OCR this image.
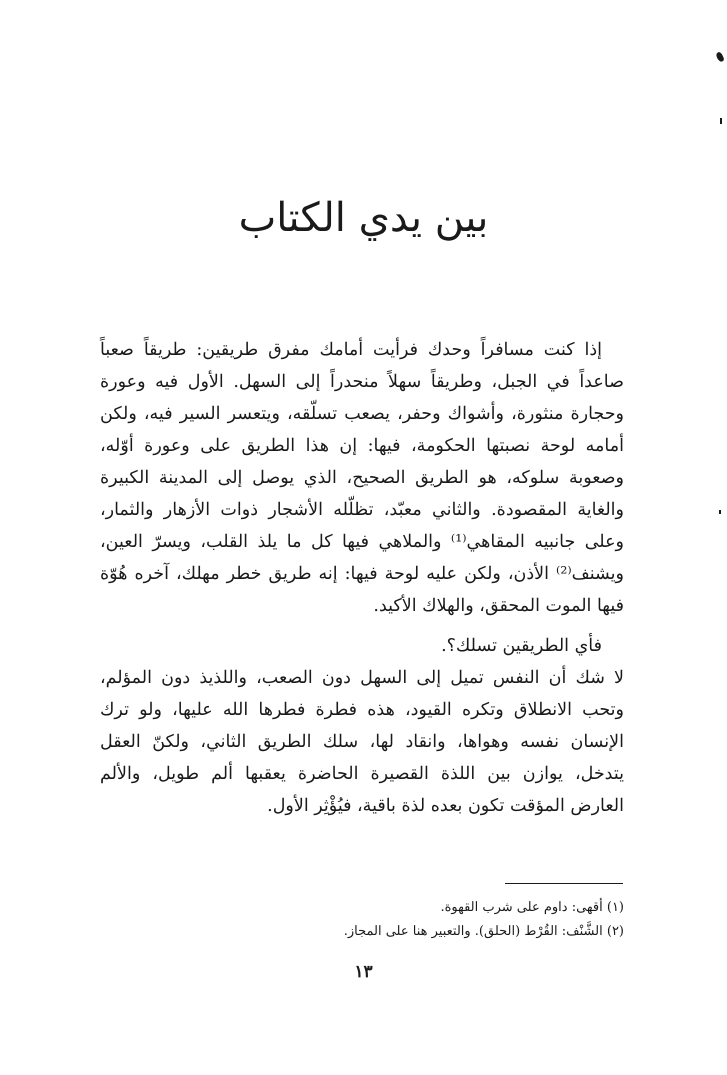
بين يدي الكتاب

إذا كنت مسافراً وحدك فرأيت أمامك مفرق طريقين: طريقاً صعباً صاعداً في الجبل، وطريقاً سهلاً منحدراً إلى السهل. الأول فيه وعورة وحجارة منثورة، وأشواك وحفر، يصعب تسلّقه، ويتعسر السير فيه، ولكن أمامه لوحة نصبتها الحكومة، فيها: إن هذا الطريق على وعورة أوّله، وصعوبة سلوكه، هو الطريق الصحيح، الذي يوصل إلى المدينة الكبيرة والغاية المقصودة. والثاني معبّد، تظلّله الأشجار ذوات الأزهار والثمار، وعلى جانبيه المقاهي⁽¹⁾ والملاهي فيها كل ما يلذ القلب، ويسرّ العين، ويشنف⁽²⁾ الأذن، ولكن عليه لوحة فيها: إنه طريق خطر مهلك، آخره هُوّة فيها الموت المحقق، والهلاك الأكيد.

فأي الطريقين تسلك؟.

لا شك أن النفس تميل إلى السهل دون الصعب، واللذيذ دون المؤلم، وتحب الانطلاق وتكره القيود، هذه فطرة فطرها الله عليها، ولو ترك الإنسان نفسه وهواها، وانقاد لها، سلك الطريق الثاني، ولكنّ العقل يتدخل، يوازن بين اللذة القصيرة الحاضرة يعقبها ألم طويل، والألم العارض المؤقت تكون بعده لذة باقية، فيُؤْثِر الأول.

(١) أقهى: داوم على شرب القهوة.
(٢) الشَّنْف: القُرْط (الحلق). والتعبير هنا على المجاز.
١٣
